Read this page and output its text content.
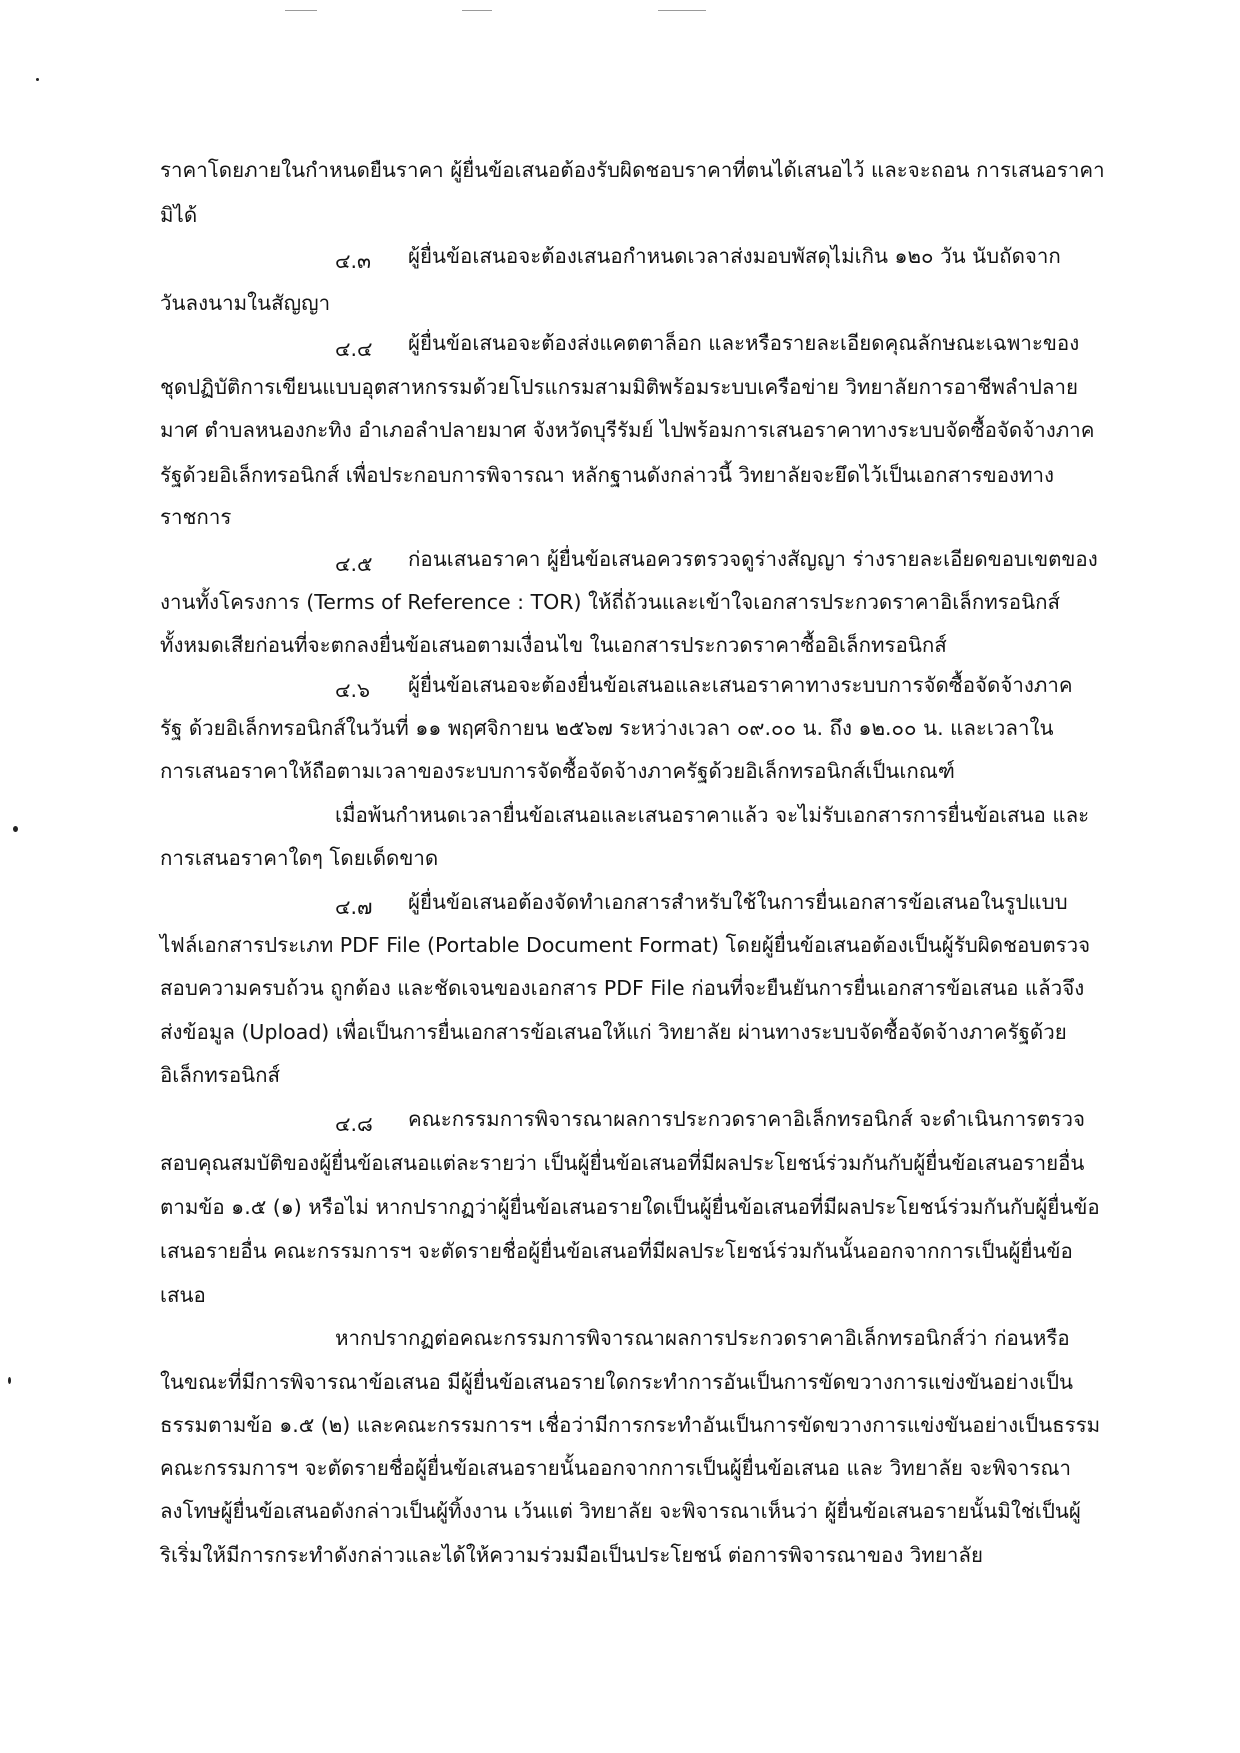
ราคาโดยภายในกำหนดยืนราคา ผู้ยื่นข้อเสนอต้องรับผิดชอบราคาที่ตนได้เสนอไว้ และจะถอน การเสนอราคา
มิได้
๔.๓ ผู้ยื่นข้อเสนอจะต้องเสนอกำหนดเวลาส่งมอบพัสดุไม่เกิน ๑๒๐ วัน นับถัดจาก
วันลงนามในสัญญา
๔.๔ ผู้ยื่นข้อเสนอจะต้องส่งแคตตาล็อก และหรือรายละเอียดคุณลักษณะเฉพาะของ
ชุดปฏิบัติการเขียนแบบอุตสาหกรรมด้วยโปรแกรมสามมิติพร้อมระบบเครือข่าย วิทยาลัยการอาชีพลำปลาย
มาศ ตำบลหนองกะทิง อำเภอลำปลายมาศ จังหวัดบุรีรัมย์ ไปพร้อมการเสนอราคาทางระบบจัดซื้อจัดจ้างภาค
รัฐด้วยอิเล็กทรอนิกส์ เพื่อประกอบการพิจารณา หลักฐานดังกล่าวนี้ วิทยาลัยจะยึดไว้เป็นเอกสารของทาง
ราชการ
๔.๕ ก่อนเสนอราคา ผู้ยื่นข้อเสนอควรตรวจดูร่างสัญญา ร่างรายละเอียดขอบเขตของ
งานทั้งโครงการ (Terms of Reference : TOR) ให้ถี่ถ้วนและเข้าใจเอกสารประกวดราคาอิเล็กทรอนิกส์
ทั้งหมดเสียก่อนที่จะตกลงยื่นข้อเสนอตามเงื่อนไข ในเอกสารประกวดราคาซื้ออิเล็กทรอนิกส์
๔.๖ ผู้ยื่นข้อเสนอจะต้องยื่นข้อเสนอและเสนอราคาทางระบบการจัดซื้อจัดจ้างภาค
รัฐ ด้วยอิเล็กทรอนิกส์ในวันที่ ๑๑ พฤศจิกายน ๒๕๖๗ ระหว่างเวลา ๐๙.๐๐ น. ถึง ๑๒.๐๐ น. และเวลาใน
การเสนอราคาให้ถือตามเวลาของระบบการจัดซื้อจัดจ้างภาครัฐด้วยอิเล็กทรอนิกส์เป็นเกณฑ์
เมื่อพ้นกำหนดเวลายื่นข้อเสนอและเสนอราคาแล้ว จะไม่รับเอกสารการยื่นข้อเสนอ และ
การเสนอราคาใดๆ โดยเด็ดขาด
๔.๗ ผู้ยื่นข้อเสนอต้องจัดทำเอกสารสำหรับใช้ในการยื่นเอกสารข้อเสนอในรูปแบบ
ไฟล์เอกสารประเภท PDF File (Portable Document Format) โดยผู้ยื่นข้อเสนอต้องเป็นผู้รับผิดชอบตรวจ
สอบความครบถ้วน ถูกต้อง และชัดเจนของเอกสาร PDF File ก่อนที่จะยืนยันการยื่นเอกสารข้อเสนอ แล้วจึง
ส่งข้อมูล (Upload) เพื่อเป็นการยื่นเอกสารข้อเสนอให้แก่ วิทยาลัย ผ่านทางระบบจัดซื้อจัดจ้างภาครัฐด้วย
อิเล็กทรอนิกส์
๔.๘ คณะกรรมการพิจารณาผลการประกวดราคาอิเล็กทรอนิกส์ จะดำเนินการตรวจ
สอบคุณสมบัติของผู้ยื่นข้อเสนอแต่ละรายว่า เป็นผู้ยื่นข้อเสนอที่มีผลประโยชน์ร่วมกันกับผู้ยื่นข้อเสนอรายอื่น
ตามข้อ ๑.๕ (๑) หรือไม่ หากปรากฏว่าผู้ยื่นข้อเสนอรายใดเป็นผู้ยื่นข้อเสนอที่มีผลประโยชน์ร่วมกันกับผู้ยื่นข้อ
เสนอรายอื่น คณะกรรมการฯ จะตัดรายชื่อผู้ยื่นข้อเสนอที่มีผลประโยชน์ร่วมกันนั้นออกจากการเป็นผู้ยื่นข้อ
เสนอ
หากปรากฏต่อคณะกรรมการพิจารณาผลการประกวดราคาอิเล็กทรอนิกส์ว่า ก่อนหรือ
ในขณะที่มีการพิจารณาข้อเสนอ มีผู้ยื่นข้อเสนอรายใดกระทำการอันเป็นการขัดขวางการแข่งขันอย่างเป็น
ธรรมตามข้อ ๑.๕ (๒) และคณะกรรมการฯ เชื่อว่ามีการกระทำอันเป็นการขัดขวางการแข่งขันอย่างเป็นธรรม
คณะกรรมการฯ จะตัดรายชื่อผู้ยื่นข้อเสนอรายนั้นออกจากการเป็นผู้ยื่นข้อเสนอ และ วิทยาลัย จะพิจารณา
ลงโทษผู้ยื่นข้อเสนอดังกล่าวเป็นผู้ทิ้งงาน เว้นแต่ วิทยาลัย จะพิจารณาเห็นว่า ผู้ยื่นข้อเสนอรายนั้นมิใช่เป็นผู้
ริเริ่มให้มีการกระทำดังกล่าวและได้ให้ความร่วมมือเป็นประโยชน์ ต่อการพิจารณาของ วิทยาลัย
